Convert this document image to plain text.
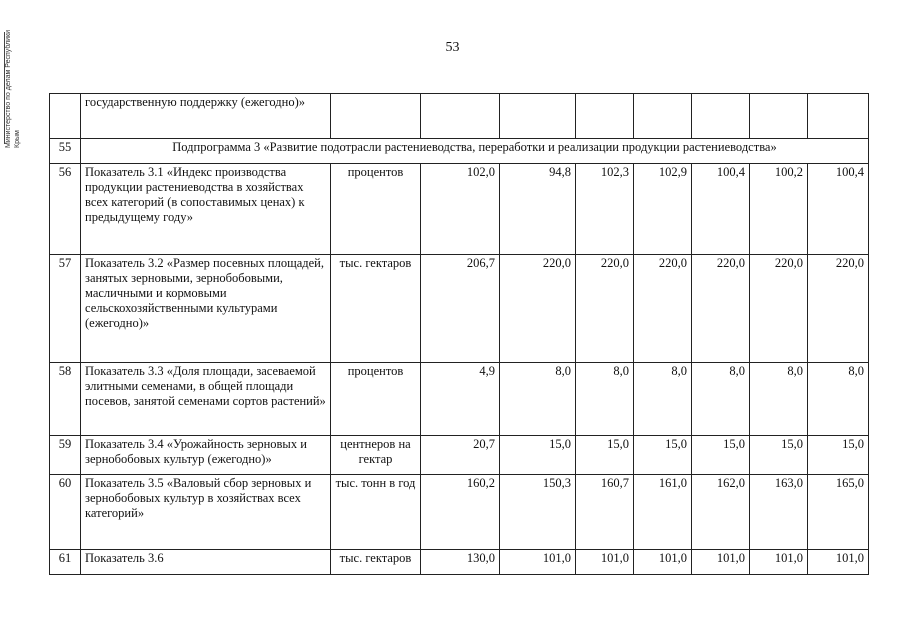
Министерство по делам Республики Крым
53
	государственную поддержку (ежегодно)»								
55	Подпрограмма 3 «Развитие подотрасли растениеводства, переработки и реализации продукции растениеводства»								
56	Показатель 3.1 «Индекс производства продукции растениеводства в хозяйствах всех категорий (в сопоставимых ценах) к предыдущему году»	процентов	102,0	94,8	102,3	102,9	100,4	100,2	100,4
57	Показатель 3.2 «Размер посевных площадей, занятых зерновыми, зернобобовыми, масличными и кормовыми сельскохозяйственными культурами (ежегодно)»	тыс. гектаров	206,7	220,0	220,0	220,0	220,0	220,0	220,0
58	Показатель 3.3 «Доля площади, засеваемой элитными семенами, в общей площади посевов, занятой семенами сортов растений»	процентов	4,9	8,0	8,0	8,0	8,0	8,0	8,0
59	Показатель 3.4 «Урожайность зерновых и зернобобовых культур (ежегодно)»	центнеров на гектар	20,7	15,0	15,0	15,0	15,0	15,0	15,0
60	Показатель 3.5 «Валовый сбор зерновых и зернобобовых культур в хозяйствах всех категорий»	тыс. тонн в год	160,2	150,3	160,7	161,0	162,0	163,0	165,0
61	Показатель 3.6	тыс. гектаров	130,0	101,0	101,0	101,0	101,0	101,0	101,0
